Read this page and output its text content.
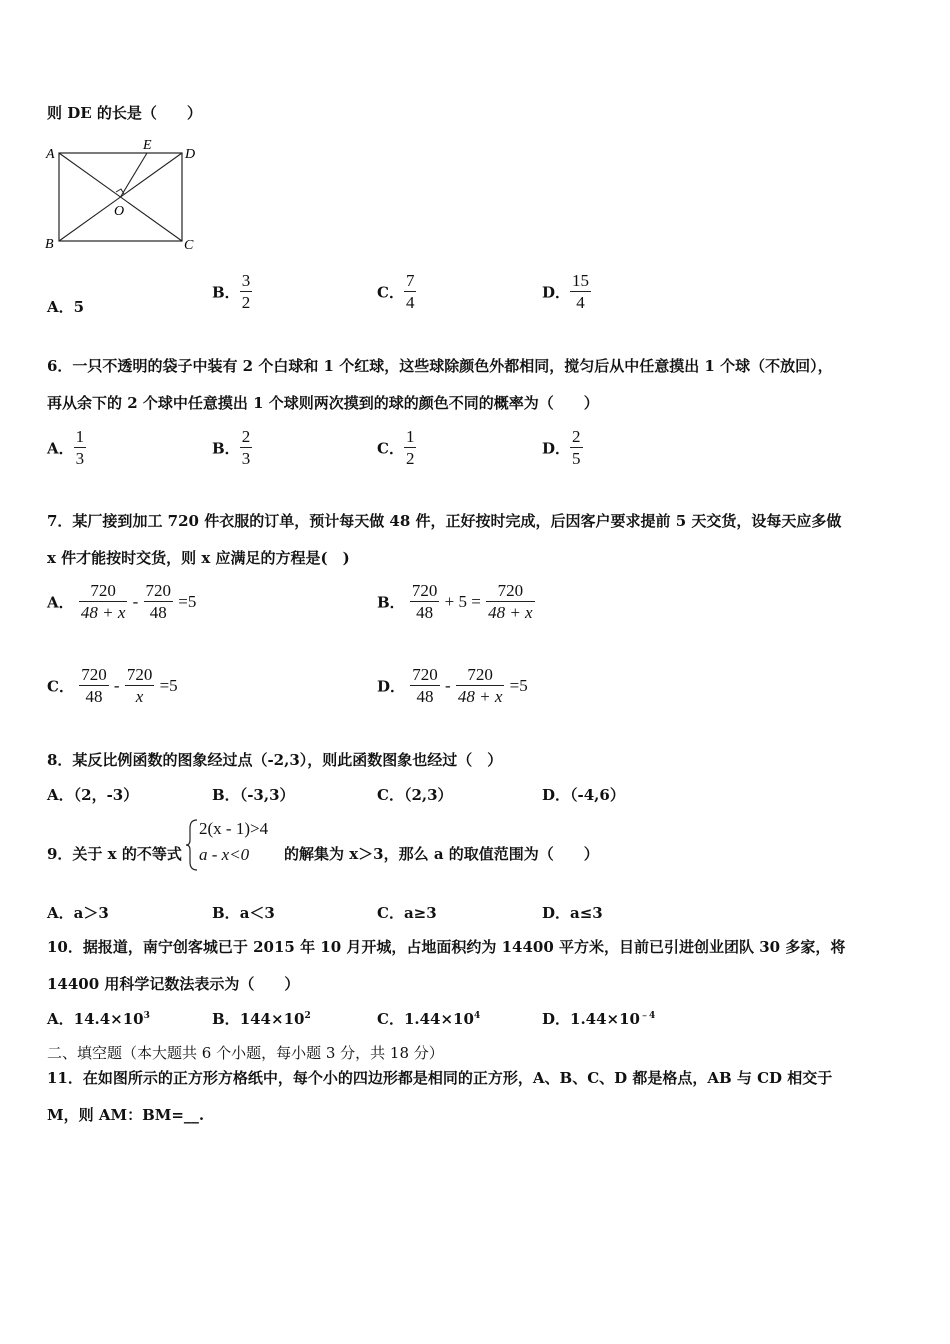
则 DE 的长是（　　）
A
B	C
D
E
O
A．5
B． $\frac{3}{2}$	C． $\frac{7}{4}$	D． $\frac{15}{4}$
6．一只不透明的袋子中装有 2 个白球和 1 个红球，这些球除颜色外都相同，搅匀后从中任意摸出 1 个球（不放回），
再从余下的 2 个球中任意摸出 1 个球则两次摸到的球的颜色不同的概率为（　　）
A． $\frac{1}{3}$	B． $\frac{2}{3}$	C． $\frac{1}{2}$	D． $\frac{2}{5}$
7．某厂接到加工 720 件衣服的订单，预计每天做 48 件，正好按时完成，后因客户要求提前 5 天交货，设每天应多做
x 件才能按时交货，则 x 应满足的方程是(　)
A． $\frac{720}{48 + x} - \frac{720}{48} =5$	B． $\frac{720}{48} + 5 = \frac{720}{48 + x}$
C． $\frac{720}{48} - \frac{720}{x} =5$	D． $\frac{720}{48} - \frac{720}{48 + x} =5$
8．某反比例函数的图象经过点（-2,3），则此函数图象也经过（　）
A．（2，-3）	B．（-3,3）	C．（2,3）	D．（-4,6）
9．关于 x 的不等式
2(x - 1)>4
a - x<0	的解集为 x＞3，那么 a 的取值范围为（　　）
A．a＞3	B．a＜3	C．a≥3	D．a≤3
10．据报道，南宁创客城已于 2015 年 10 月开城，占地面积约为 14400 平方米，目前已引进创业团队 30 多家，将
14400 用科学记数法表示为（　　）
A．$14.4\times 10^3$	B．$144\times 10^2$	C．$1.44\times 10^4$	D．$1.44\times 10^{﹣4}$
二、填空题（本大题共 6 个小题，每小题 3 分，共 18 分）
11．在如图所示的正方形方格纸中，每个小的四边形都是相同的正方形，A、B、C、D 都是格点，AB 与 CD 相交于
M，则 AM：BM=__.
